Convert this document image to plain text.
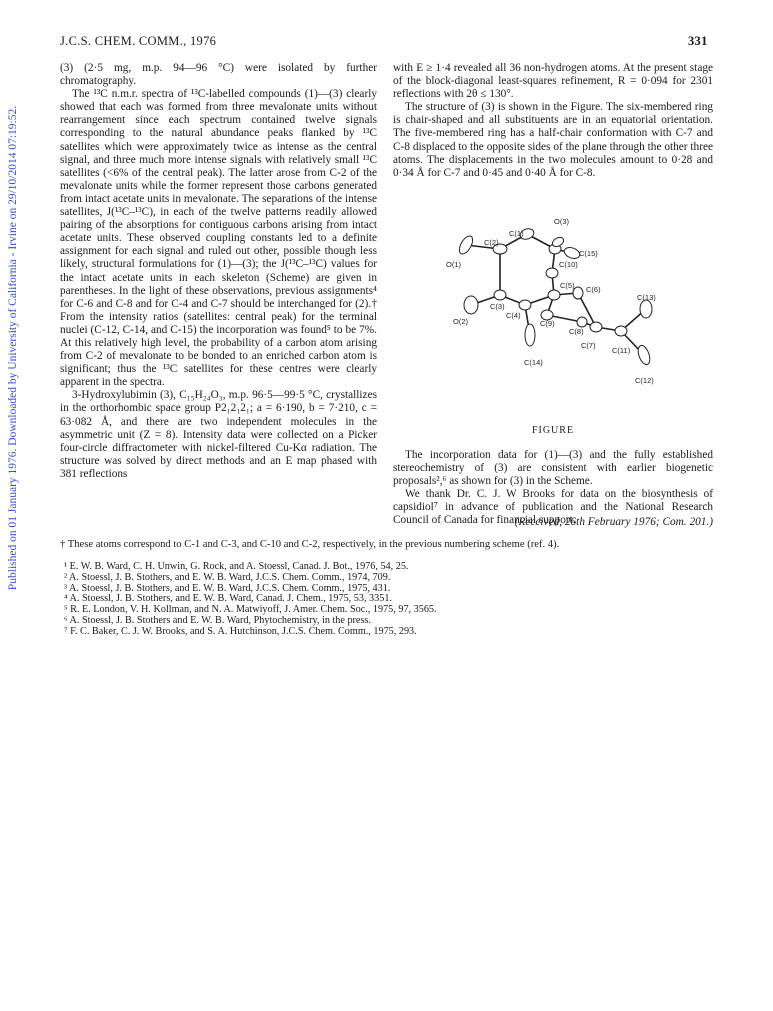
Published on 01 January 1976. Downloaded by University of California - Irvine on 29/10/2014 07:19:52.
J.C.S. CHEM. COMM., 1976	331

(3) (2·5 mg, m.p. 94—96 °C) were isolated by further chromatography.

The ¹³C n.m.r. spectra of ¹³C-labelled compounds (1)—(3) clearly showed that each was formed from three mevalonate units without rearrangement since each spectrum contained twelve signals corresponding to the natural abundance peaks flanked by ¹³C satellites which were approximately twice as intense as the central signal, and three much more intense signals with relatively small ¹³C satellites (<6% of the central peak). The latter arose from C-2 of the mevalonate units while the former represent those carbons generated from intact acetate units in mevalonate. The separations of the intense satellites, J(¹³C–¹³C), in each of the twelve patterns readily allowed pairing of the absorptions for contiguous carbons arising from intact acetate units. These observed coupling constants led to a definite assignment for each signal and ruled out other, possible though less likely, structural formulations for (1)—(3); the J(¹³C–¹³C) values for the intact acetate units in each skeleton (Scheme) are given in parentheses. In the light of these observations, previous assignments⁴ for C-6 and C-8 and for C-4 and C-7 should be interchanged for (2).† From the intensity ratios (satellites: central peak) for the terminal nuclei (C-12, C-14, and C-15) the incorporation was found⁵ to be 7%. At this relatively high level, the probability of a carbon atom arising from C-2 of mevalonate to be bonded to an enriched carbon atom is significant; thus the ¹³C satellites for these centres were clearly apparent in the spectra.

3-Hydroxylubimin (3), C₁₅H₂₄O₃, m.p. 96·5—99·5 °C, crystallizes in the orthorhombic space group P2₁2₁2₁; a = 6·190, b = 7·210, c = 63·082 Å, and there are two independent molecules in the asymmetric unit (Z = 8). Intensity data were collected on a Picker four-circle diffractometer with nickel-filtered Cu-Kα radiation. The structure was solved by direct methods and an E map phased with 381 reflections

with E ≥ 1·4 revealed all 36 non-hydrogen atoms. At the present stage of the block-diagonal least-squares refinement, R = 0·094 for 2301 reflections with 2θ ≤ 130°.

The structure of (3) is shown in the Figure. The six-membered ring is chair-shaped and all substituents are in an equatorial orientation. The five-membered ring has a half-chair conformation with C-7 and C-8 displaced to the opposite sides of the plane through the other three atoms. The displacements in the two molecules amount to 0·28 and 0·34 Å for C-7 and 0·45 and 0·40 Å for C-8.

O(3)
C(1)
C(2)
C(15)
O(1)	C(10)
C(5) C(6)
C(13)
C(3)
C(4)
O(2)	C(9)
C(8)
C(7)
C(11)
C(14)
C(12)
FIGURE

The incorporation data for (1)—(3) and the fully established stereochemistry of (3) are consistent with earlier biogenetic proposals²,⁶ as shown for (3) in the Scheme.

We thank Dr. C. J. W Brooks for data on the biosynthesis of capsidiol⁷ in advance of publication and the National Research Council of Canada for financial support.

(Received, 26th February 1976; Com. 201.)
† These atoms correspond to C-1 and C-3, and C-10 and C-2, respectively, in the previous numbering scheme (ref. 4).
¹ E. W. B. Ward, C. H. Unwin, G. Rock, and A. Stoessl, Canad. J. Bot., 1976, 54, 25.
² A. Stoessl, J. B. Stothers, and E. W. B. Ward, J.C.S. Chem. Comm., 1974, 709.
³ A. Stoessl, J. B. Stothers, and E. W. B. Ward, J.C.S. Chem. Comm., 1975, 431.
⁴ A. Stoessl, J. B. Stothers, and E. W. B. Ward, Canad. J. Chem., 1975, 53, 3351.
⁵ R. E. London, V. H. Kollman, and N. A. Matwiyoff, J. Amer. Chem. Soc., 1975, 97, 3565.
⁶ A. Stoessl, J. B. Stothers and E. W. B. Ward, Phytochemistry, in the press.
⁷ F. C. Baker, C. J. W. Brooks, and S. A. Hutchinson, J.C.S. Chem. Comm., 1975, 293.
